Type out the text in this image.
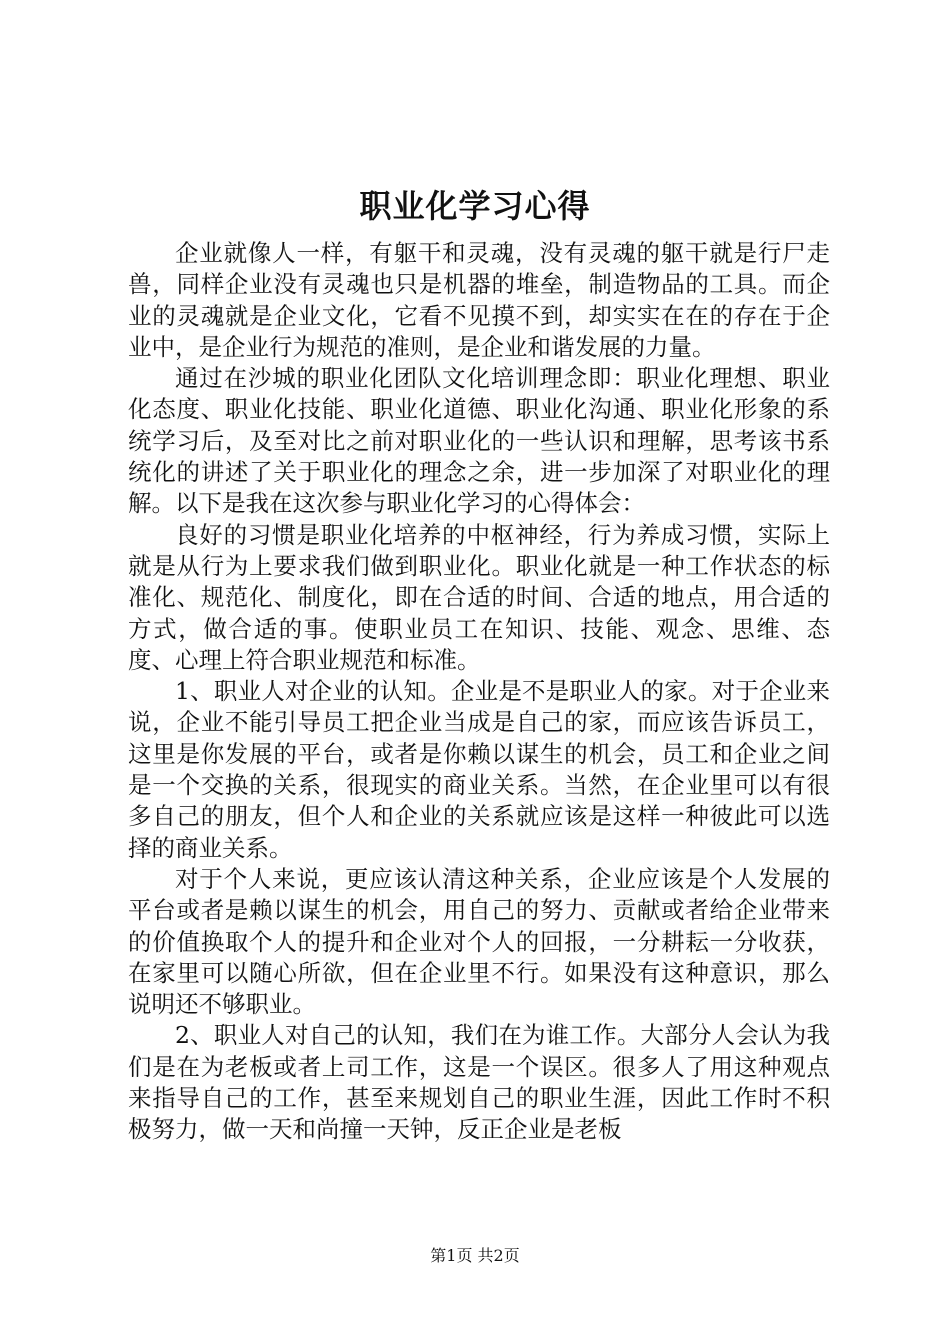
职业化学习心得

企业就像人一样，有躯干和灵魂，没有灵魂的躯干就是行尸走兽，同样企业没有灵魂也只是机器的堆垒，制造物品的工具。而企业的灵魂就是企业文化，它看不见摸不到，却实实在在的存在于企业中，是企业行为规范的准则，是企业和谐发展的力量。

通过在沙城的职业化团队文化培训理念即：职业化理想、职业化态度、职业化技能、职业化道德、职业化沟通、职业化形象的系统学习后，及至对比之前对职业化的一些认识和理解，思考该书系统化的讲述了关于职业化的理念之余，进一步加深了对职业化的理解。以下是我在这次参与职业化学习的心得体会：

良好的习惯是职业化培养的中枢神经，行为养成习惯，实际上就是从行为上要求我们做到职业化。职业化就是一种工作状态的标准化、规范化、制度化，即在合适的时间、合适的地点，用合适的方式，做合适的事。使职业员工在知识、技能、观念、思维、态度、心理上符合职业规范和标准。

1、职业人对企业的认知。企业是不是职业人的家。对于企业来说，企业不能引导员工把企业当成是自己的家，而应该告诉员工，这里是你发展的平台，或者是你赖以谋生的机会，员工和企业之间是一个交换的关系，很现实的商业关系。当然，在企业里可以有很多自己的朋友，但个人和企业的关系就应该是这样一种彼此可以选择的商业关系。

对于个人来说，更应该认清这种关系，企业应该是个人发展的平台或者是赖以谋生的机会，用自己的努力、贡献或者给企业带来的价值换取个人的提升和企业对个人的回报，一分耕耘一分收获，在家里可以随心所欲，但在企业里不行。如果没有这种意识，那么说明还不够职业。

2、职业人对自己的认知，我们在为谁工作。大部分人会认为我们是在为老板或者上司工作，这是一个误区。很多人了用这种观点来指导自己的工作，甚至来规划自己的职业生涯，因此工作时不积极努力，做一天和尚撞一天钟，反正企业是老板

第1页 共2页
